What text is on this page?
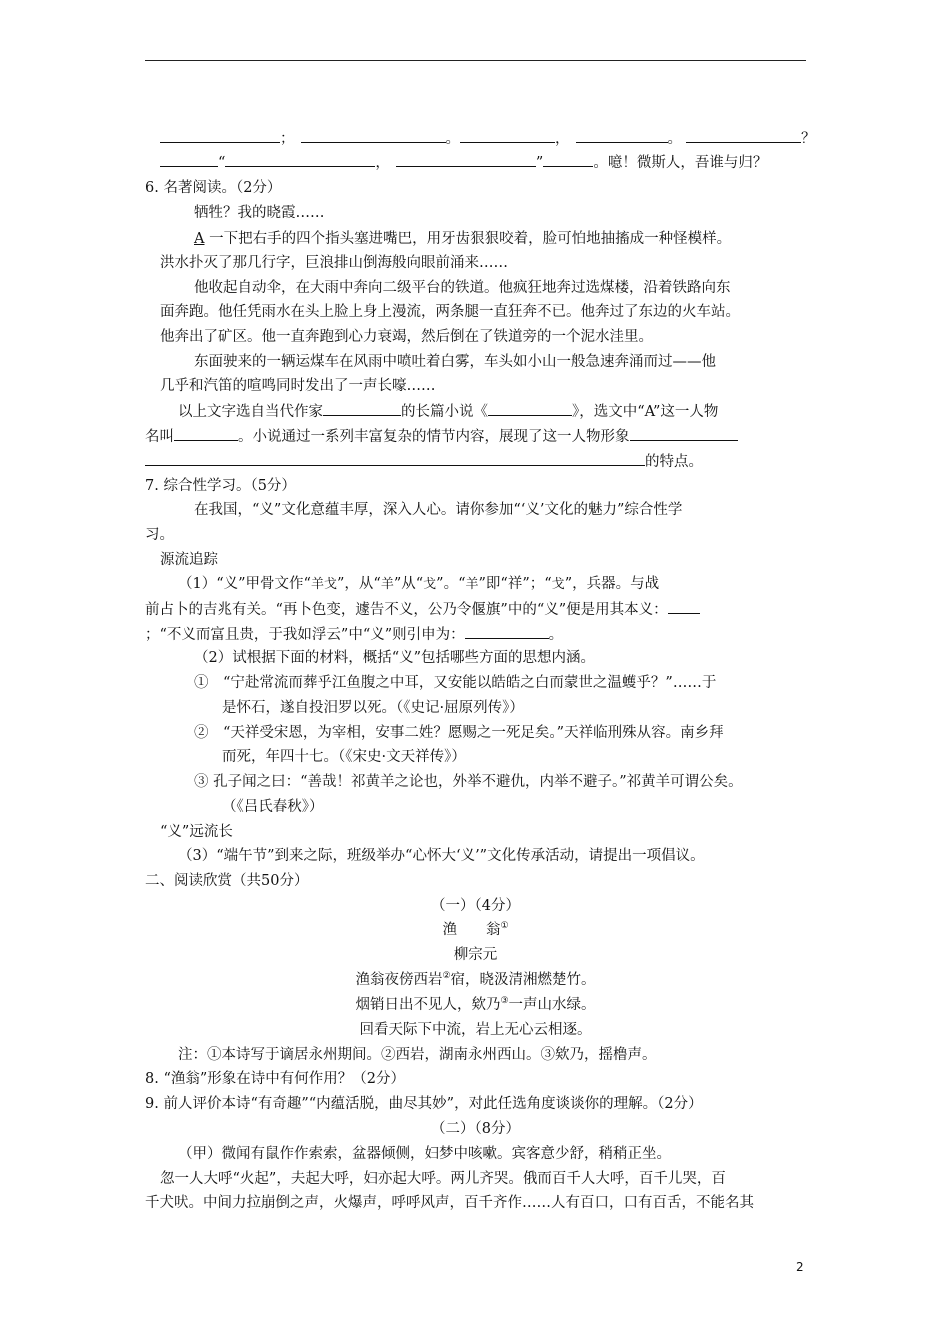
；	。	，	。	？
“	，	”	。噫！微斯人，吾谁与归？
6. 名著阅读。（2分）
牺牲？我的晓霞……
A 一下把右手的四个指头塞进嘴巴，用牙齿狠狠咬着，脸可怕地抽搐成一种怪模样。
洪水扑灭了那几行字，巨浪排山倒海般向眼前涌来……
他收起自动伞，在大雨中奔向二级平台的铁道。他疯狂地奔过选煤楼，沿着铁路向东
面奔跑。他任凭雨水在头上脸上身上漫流，两条腿一直狂奔不已。他奔过了东边的火车站。
他奔出了矿区。他一直奔跑到心力衰竭，然后倒在了铁道旁的一个泥水洼里。
东面驶来的一辆运煤车在风雨中喷吐着白雾，车头如小山一般急速奔涌而过——他
几乎和汽笛的喧鸣同时发出了一声长嚎……
以上文字选自当代作家	的长篇小说《	》，选文中“A”这一人物
名叫	。小说通过一系列丰富复杂的情节内容，展现了这一人物形象
的特点。
7. 综合性学习。（5分）
在我国，“义”文化意蕴丰厚，深入人心。请你参加“‘义’文化的魅力”综合性学
习。
源流追踪
（1）“义”甲骨文作“⽺⼽”，从“⽺”从“⼽”。“⽺”即“祥”；“⼽”，兵器。与战
前占卜的吉兆有关。“再卜色变，遽告不义，公乃令偃旗”中的“义”便是用其本义：
；“不义而富且贵，于我如浮云”中“义”则引申为：	。
（2）试根据下面的材料，概括“义”包括哪些方面的思想内涵。
①　“宁赴常流而葬乎江鱼腹之中耳，又安能以皓皓之白而蒙世之温蠖乎？”……于
是怀石，遂自投汨罗以死。（《史记·屈原列传》）
②　“天祥受宋恩，为宰相，安事二姓？愿赐之一死足矣。”天祥临刑殊从容。南乡拜
而死，年四十七。（《宋史·文天祥传》）
③ 孔子闻之曰：“善哉！祁黄羊之论也，外举不避仇，内举不避子。”祁黄羊可谓公矣。
（《吕氏春秋》）
“义”远流长
（3）“端午节”到来之际，班级举办“心怀大‘义’”文化传承活动，请提出一项倡议。
二、阅读欣赏（共50分）
（一）（4分）
渔　　翁①
柳宗元
渔翁夜傍西岩②宿，晓汲清湘燃楚竹。
烟销日出不见人，欸乃③一声山水绿。
回看天际下中流，岩上无心云相逐。
注：①本诗写于谪居永州期间。②西岩，湖南永州西山。③欸乃，摇橹声。
8. “渔翁”形象在诗中有何作用？（2分）
9. 前人评价本诗“有奇趣”“内蕴活脱，曲尽其妙”，对此任选角度谈谈你的理解。（2分）
（二）（8分）
（甲）微闻有鼠作作索索，盆器倾侧，妇梦中咳嗽。宾客意少舒，稍稍正坐。
忽一人大呼“火起”，夫起大呼，妇亦起大呼。两儿齐哭。俄而百千人大呼，百千儿哭，百
千犬吠。中间力拉崩倒之声，火爆声，呼呼风声，百千齐作……人有百口，口有百舌，不能名其
2
